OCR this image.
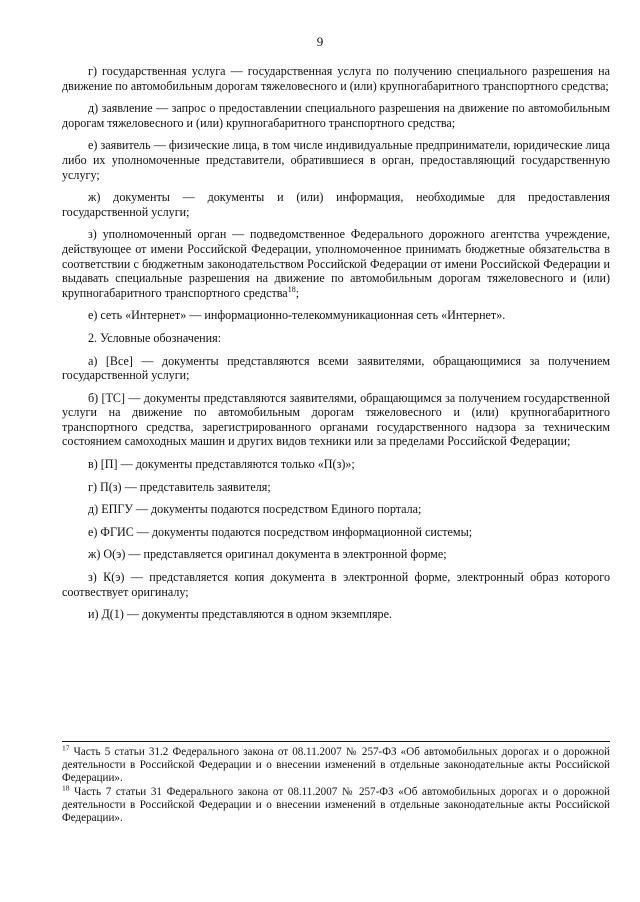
9

г) государственная услуга — государственная услуга по получению специального разрешения на движение по автомобильным дорогам тяжеловесного и (или) крупногабаритного транспортного средства;

д) заявление — запрос о предоставлении специального разрешения на движение по автомобильным дорогам тяжеловесного и (или) крупногабаритного транспортного средства;

е) заявитель — физические лица, в том числе индивидуальные предприниматели, юридические лица либо их уполномоченные представители, обратившиеся в орган, предоставляющий государственную услугу;

ж) документы — документы и (или) информация, необходимые для предоставления государственной услуги;

з) уполномоченный орган — подведомственное Федерального дорожного агентства учреждение, действующее от имени Российской Федерации, уполномоченное принимать бюджетные обязательства в соответствии с бюджетным законодательством Российской Федерации от имени Российской Федерации и выдавать специальные разрешения на движение по автомобильным дорогам тяжеловесного и (или) крупногабаритного транспортного средства$^{18}$;

е) сеть «Интернет» — информационно-телекоммуникационная сеть «Интернет».

2. Условные обозначения:

а) [Все] — документы представляются всеми заявителями, обращающимися за получением государственной услуги;

б) [ТС] — документы представляются заявителями, обращающимся за получением государственной услуги на движение по автомобильным дорогам тяжеловесного и (или) крупногабаритного транспортного средства, зарегистрированного органами государственного надзора за техническим состоянием самоходных машин и других видов техники или за пределами Российской Федерации;

в) [П] — документы представляются только «П(з)»;

г) П(з) — представитель заявителя;

д) ЕПГУ — документы подаются посредством Единого портала;

е) ФГИС — документы подаются посредством информационной системы;

ж) О(э) — представляется оригинал документа в электронной форме;

з) К(э) — представляется копия документа в электронной форме, электронный образ которого соотвествует оригиналу;

и) Д(1) — документы представляются в одном экземпляре.

$^{17}$ Часть 5 статьи 31.2 Федерального закона от 08.11.2007 № 257-ФЗ «Об автомобильных дорогах и о дорожной деятельности в Российской Федерации и о внесении изменений в отдельные законодательные акты Российской Федерации».

$^{18}$ Часть 7 статьи 31 Федерального закона от 08.11.2007 № 257-ФЗ «Об автомобильных дорогах и о дорожной деятельности в Российской Федерации и о внесении изменений в отдельные законодательные акты Российской Федерации».
